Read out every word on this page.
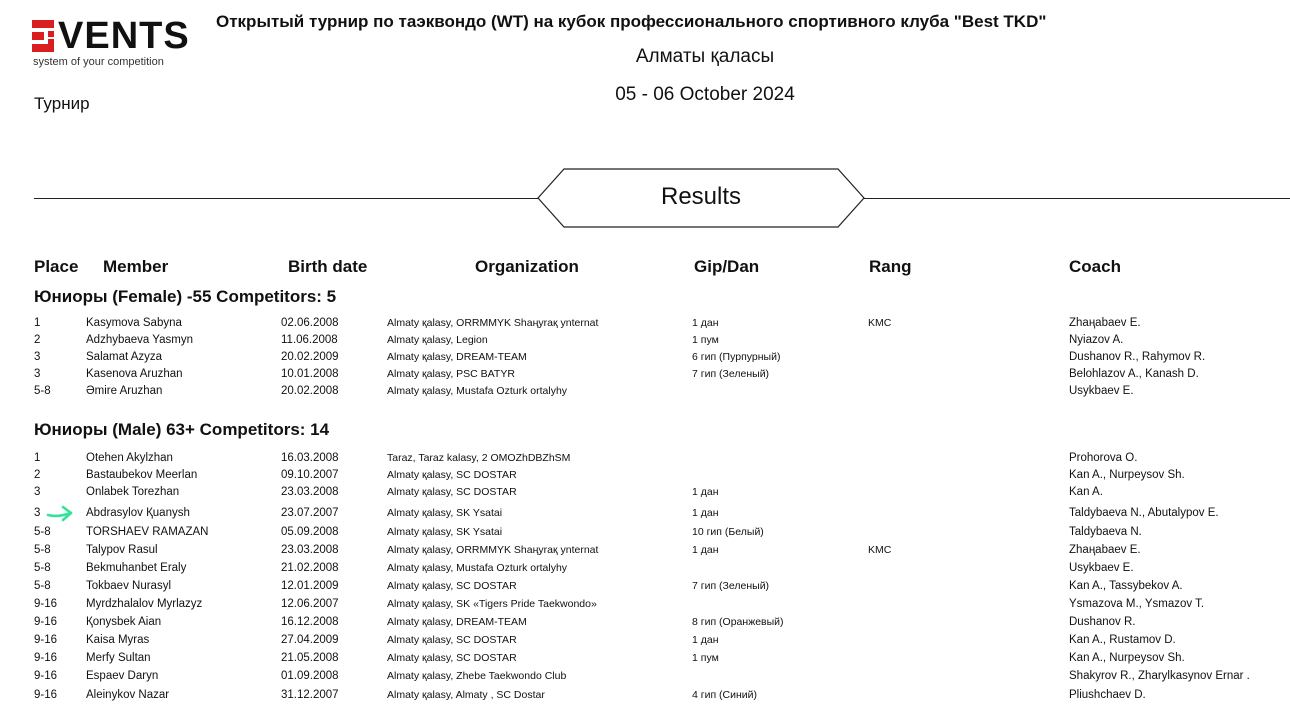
VENTS
system of your competition
Открытый турнир по таэквондо (WT) на кубок профессионального спортивного клуба "Best TKD"
Алматы қаласы
05 - 06 October 2024
Турнир
Results
Place Member	Birth date	Organization	Gip/Dan	Rang	Coach
Юниоры (Female) -55 Competitors: 5
1	Kasymova Sabyna	02.06.2008	Almaty қalasy, ORRMMYK Shaңyraқ ynternat	1 дан	KMC	Zhaңabaev E.
2	Adzhybaeva Yasmyn	11.06.2008	Almaty қalasy, Legion	1 пум	Nyiazov A.
3	Salamat Azyza	20.02.2009	Almaty қalasy, DREAM-TEAM	6 гип (Пурпурный)	Dushanov R., Rahymov R.
3	Kasenova Aruzhan	10.01.2008	Almaty қalasy, PSC BATYR	7 гип (Зеленый)	Belohlazov A., Kanash D.
5-8	Әmire Aruzhan	20.02.2008	Almaty қalasy, Mustafa Ozturk ortalyhy	Usykbaev E.
Юниоры (Male) 63+ Competitors: 14
1	Otehen Akylzhan	16.03.2008	Taraz, Taraz kalasy, 2 OMOZhDBZhSM	Prohorova O.
2	Bastaubekov Meerlan	09.10.2007	Almaty қalasy, SC DOSTAR	Kan A., Nurpeysov Sh.
3	Onlabek Torezhan	23.03.2008	Almaty қalasy, SC DOSTAR	1 дан	Kan A.
3	Abdrasylov Қuanysh	23.07.2007	Almaty қalasy, SK Ysatai	1 дан	Taldybaeva N., Abutalypov E.
5-8	TORSHAEV RAMAZAN	05.09.2008	Almaty қalasy, SK Ysatai	10 гип (Белый)	Taldybaeva N.
5-8	Talypov Rasul	23.03.2008	Almaty қalasy, ORRMMYK Shaңyraқ ynternat	1 дан	KMC	Zhaңabaev E.
5-8	Bekmuhanbet Eraly	21.02.2008	Almaty қalasy, Mustafa Ozturk ortalyhy	Usykbaev E.
5-8	Tokbaev Nurasyl	12.01.2009	Almaty қalasy, SC DOSTAR	7 гип (Зеленый)	Kan A., Tassybekov A.
9-16	Myrdzhalalov Myrlazyz	12.06.2007	Almaty қalasy, SK «Tigers Pride Taekwondo»	Ysmazova M., Ysmazov T.
9-16	Қonysbek Aian	16.12.2008	Almaty қalasy, DREAM-TEAM	8 гип (Оранжевый)	Dushanov R.
9-16	Kaisa Myras	27.04.2009	Almaty қalasy, SC DOSTAR	1 дан	Kan A., Rustamov D.
9-16	Merfy Sultan	21.05.2008	Almaty қalasy, SC DOSTAR	1 пум	Kan A., Nurpeysov Sh.
9-16	Espaev Daryn	01.09.2008	Almaty қalasy, Zhebe Taekwondo Club	Shakyrov R., Zharylkasynov Ernar .
9-16	Aleinykov Nazar	31.12.2007	Almaty қalasy, Almaty , SC Dostar	4 гип (Синий)	Pliushchaev D.
